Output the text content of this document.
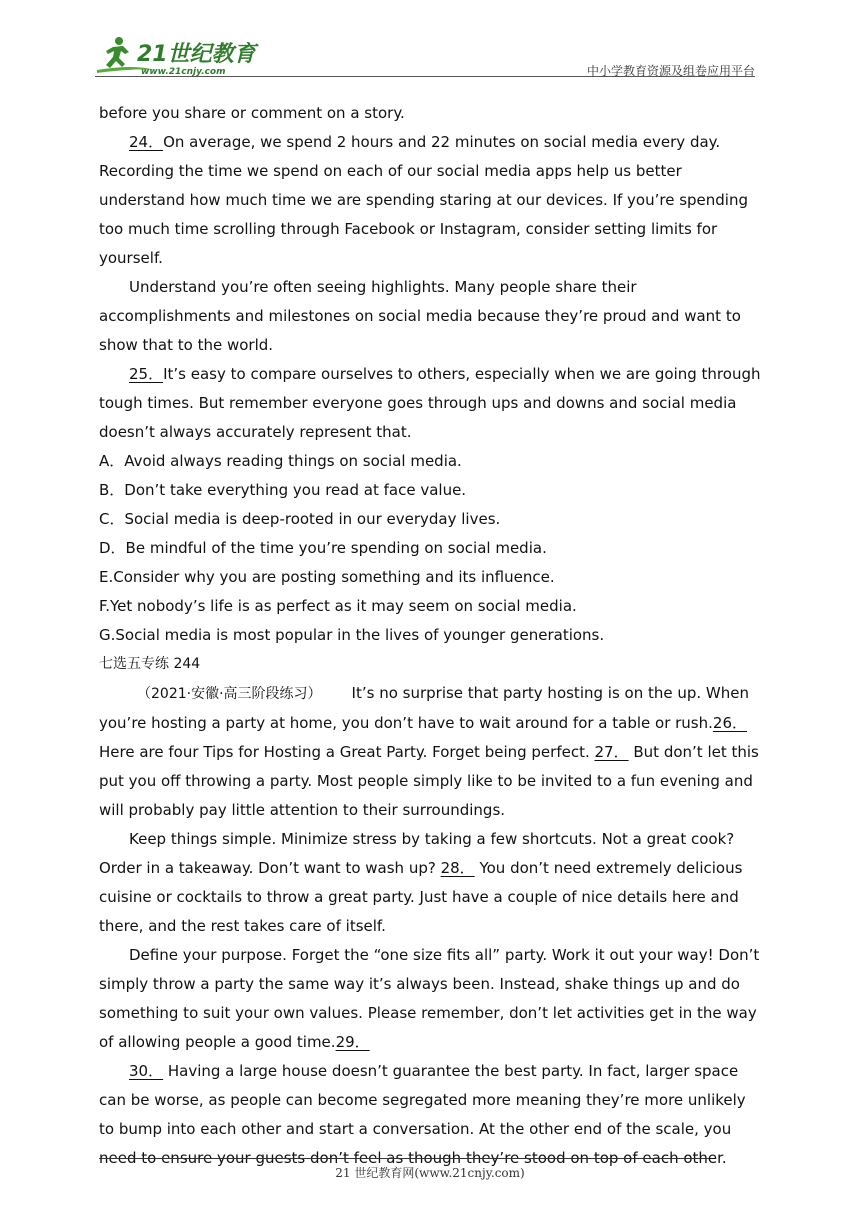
21世纪教育
www.21cnjy.com	中小学教育资源及组卷应用平台

before you share or comment on a story.

24．On average, we spend 2 hours and 22 minutes on social media every day. Recording the time we spend on each of our social media apps help us better understand how much time we are spending staring at our devices. If you’re spending too much time scrolling through Facebook or Instagram, consider setting limits for yourself.

Understand you’re often seeing highlights. Many people share their accomplishments and milestones on social media because they’re proud and want to show that to the world.

25．It’s easy to compare ourselves to others, especially when we are going through tough times. But remember everyone goes through ups and downs and social media doesn’t always accurately represent that.

A．Avoid always reading things on social media.

B．Don’t take everything you read at face value.

C．Social media is deep-rooted in our everyday lives.

D．Be mindful of the time you’re spending on social media.

E.Consider why you are posting something and its influence.

F.Yet nobody’s life is as perfect as it may seem on social media.

G.Social media is most popular in the lives of younger generations.

七选五专练 244

（2021·安徽·高三阶段练习） It’s no surprise that party hosting is on the up. When you’re hosting a party at home, you don’t have to wait around for a table or rush.26． Here are four Tips for Hosting a Great Party. Forget being perfect. 27． But don’t let this put you off throwing a party. Most people simply like to be invited to a fun evening and will probably pay little attention to their surroundings.

Keep things simple. Minimize stress by taking a few shortcuts. Not a great cook? Order in a takeaway. Don’t want to wash up? 28． You don’t need extremely delicious cuisine or cocktails to throw a great party. Just have a couple of nice details here and there, and the rest takes care of itself.

Define your purpose. Forget the “one size fits all” party. Work it out your way! Don’t simply throw a party the same way it’s always been. Instead, shake things up and do something to suit your own values. Please remember, don’t let activities get in the way of allowing people a good time.29．

30． Having a large house doesn’t guarantee the best party. In fact, larger space can be worse, as people can become segregated more meaning they’re more unlikely to bump into each other and start a conversation. At the other end of the scale, you need to ensure your guests don’t feel as though they’re stood on top of each other.

21 世纪教育网(www.21cnjy.com)
